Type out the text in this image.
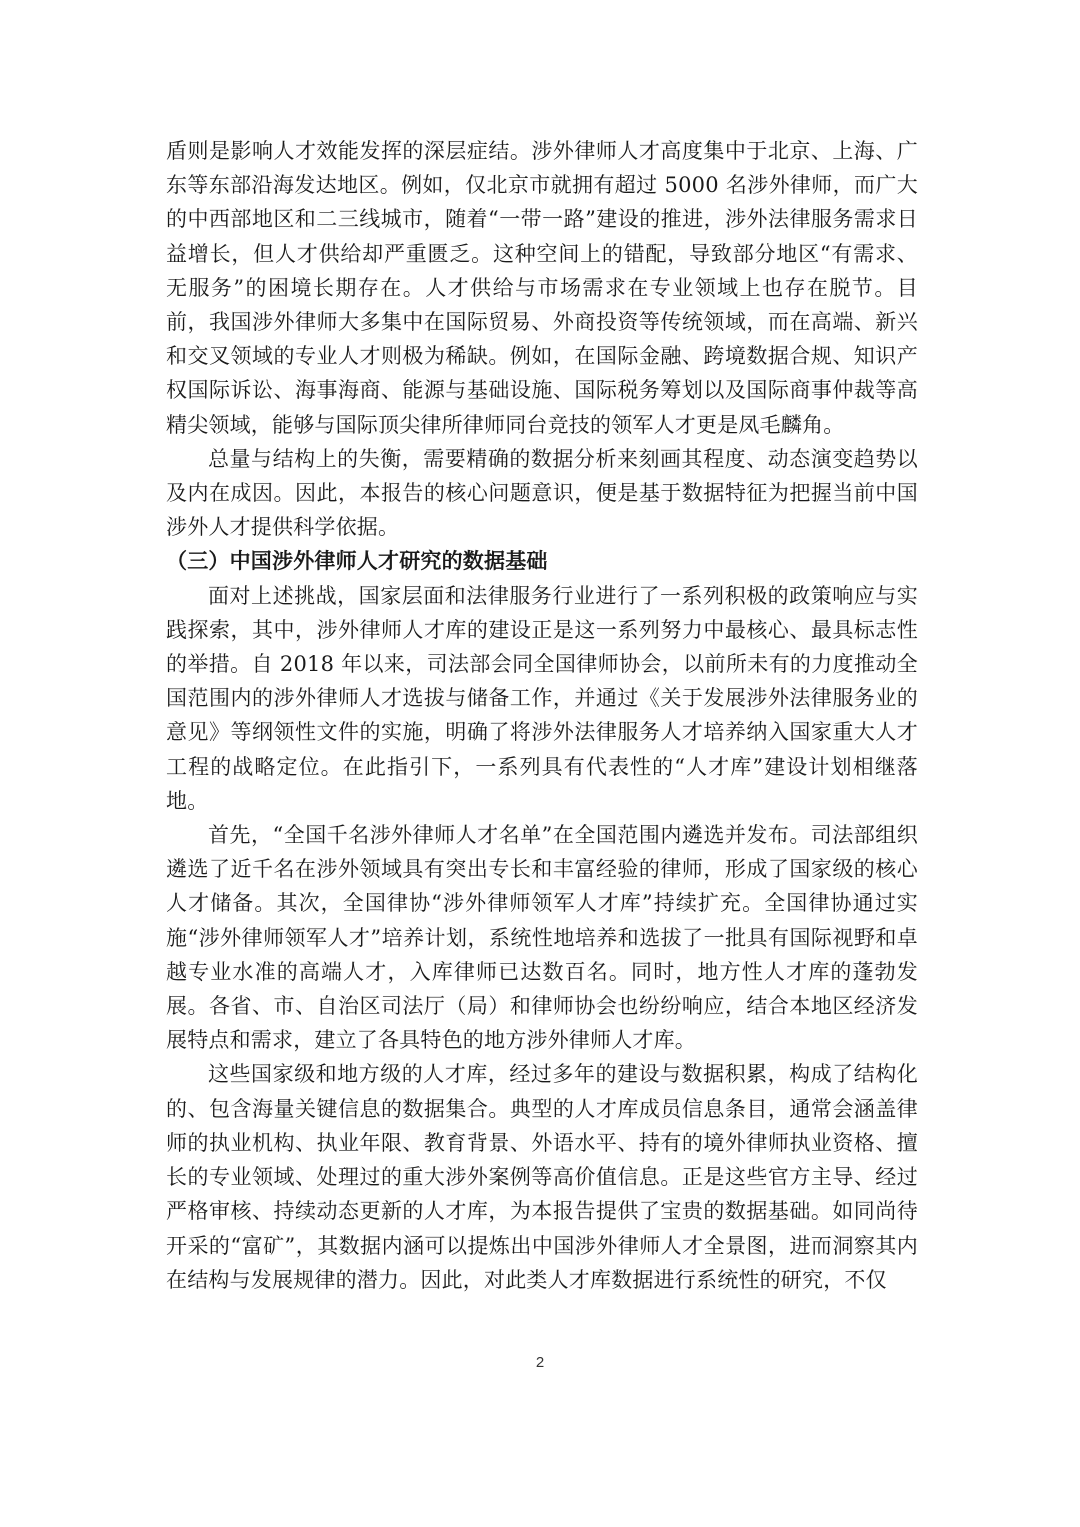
盾则是影响人才效能发挥的深层症结。涉外律师人才高度集中于北京、上海、广东等东部沿海发达地区。例如，仅北京市就拥有超过 5000 名涉外律师，而广大的中西部地区和二三线城市，随着“一带一路”建设的推进，涉外法律服务需求日益增长，但人才供给却严重匮乏。这种空间上的错配，导致部分地区“有需求、无服务”的困境长期存在。人才供给与市场需求在专业领域上也存在脱节。目前，我国涉外律师大多集中在国际贸易、外商投资等传统领域，而在高端、新兴和交叉领域的专业人才则极为稀缺。例如，在国际金融、跨境数据合规、知识产权国际诉讼、海事海商、能源与基础设施、国际税务筹划以及国际商事仲裁等高精尖领域，能够与国际顶尖律所律师同台竞技的领军人才更是凤毛麟角。

总量与结构上的失衡，需要精确的数据分析来刻画其程度、动态演变趋势以及内在成因。因此，本报告的核心问题意识，便是基于数据特征为把握当前中国涉外人才提供科学依据。

（三）中国涉外律师人才研究的数据基础

面对上述挑战，国家层面和法律服务行业进行了一系列积极的政策响应与实践探索，其中，涉外律师人才库的建设正是这一系列努力中最核心、最具标志性的举措。自 2018 年以来，司法部会同全国律师协会，以前所未有的力度推动全国范围内的涉外律师人才选拔与储备工作，并通过《关于发展涉外法律服务业的意见》等纲领性文件的实施，明确了将涉外法律服务人才培养纳入国家重大人才工程的战略定位。在此指引下，一系列具有代表性的“人才库”建设计划相继落地。

首先，“全国千名涉外律师人才名单”在全国范围内遴选并发布。司法部组织遴选了近千名在涉外领域具有突出专长和丰富经验的律师，形成了国家级的核心人才储备。其次，全国律协“涉外律师领军人才库”持续扩充。全国律协通过实施“涉外律师领军人才”培养计划，系统性地培养和选拔了一批具有国际视野和卓越专业水准的高端人才，入库律师已达数百名。同时，地方性人才库的蓬勃发展。各省、市、自治区司法厅（局）和律师协会也纷纷响应，结合本地区经济发展特点和需求，建立了各具特色的地方涉外律师人才库。

这些国家级和地方级的人才库，经过多年的建设与数据积累，构成了结构化的、包含海量关键信息的数据集合。典型的人才库成员信息条目，通常会涵盖律师的执业机构、执业年限、教育背景、外语水平、持有的境外律师执业资格、擅长的专业领域、处理过的重大涉外案例等高价值信息。正是这些官方主导、经过严格审核、持续动态更新的人才库，为本报告提供了宝贵的数据基础。如同尚待开采的“富矿”，其数据内涵可以提炼出中国涉外律师人才全景图，进而洞察其内在结构与发展规律的潜力。因此，对此类人才库数据进行系统性的研究，不仅

2
